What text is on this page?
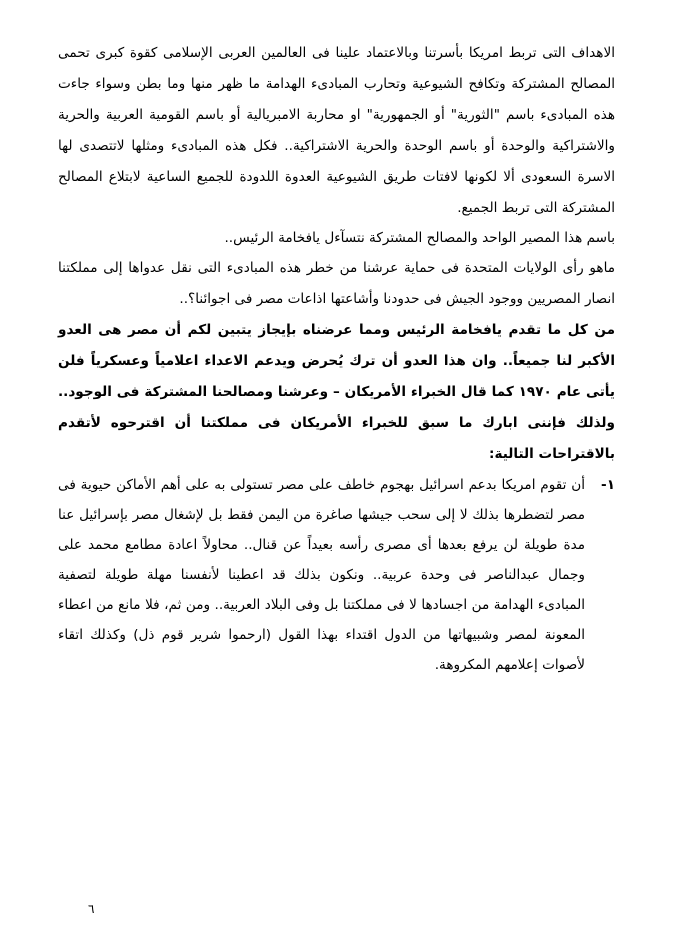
الاهداف التى تربط امريكا بأسرتنا وبالاعتماد علينا فى العالمين العربى الإسلامى كقوة كبرى تحمى المصالح المشتركة وتكافح الشيوعية وتحارب المبادىء الهدامة ما ظهر منها وما بطن وسواء جاءت هذه المبادىء باسم "الثورية" أو الجمهورية" او محاربة الامبريالية أو باسم القومية العربية والحرية والاشتراكية والوحدة أو باسم الوحدة والحرية الاشتراكية.. فكل هذه المبادىء ومثلها لاتتصدى لها الاسرة السعودى ألا لكونها لافتات طريق الشيوعية العدوة اللدودة للجميع الساعية لابتلاع المصالح المشتركة التى تربط الجميع.

باسم هذا المصير الواحد والمصالح المشتركة نتسآءل يافخامة الرئيس..

ماهو رأى الولايات المتحدة فى حماية عرشنا من خطر هذه المبادىء التى نقل عدواها إلى مملكتنا انصار المصريين ووجود الجيش فى حدودنا وأشاعتها اذاعات مصر فى اجوائنا؟..

من كل ما تقدم يافخامة الرئيس ومما عرضناه بإيجاز يتبين لكم أن مصر هى العدو الأكبر لنا جميعاً.. وان هذا العدو أن ترك يُحرض ويدعم الاعداء اعلامياً وعسكرياً فلن يأتى عام ١٩٧٠ كما قال الخبراء الأمريكان – وعرشنا ومصالحنا المشتركة فى الوجود.. ولذلك فإننى ابارك ما سبق للخبراء الأمريكان فى مملكتنا أن اقترحوه لأتقدم بالاقتراحات التالية:

١-
أن تقوم امريكا بدعم اسرائيل بهجوم خاطف على مصر تستولى به على أهم الأماكن حيوية فى مصر لتضطرها بذلك لا إلى سحب جيشها صاغرة من اليمن فقط بل لإشغال مصر بإسرائيل عنا مدة طويلة لن يرفع بعدها أى مصرى رأسه بعيداً عن قنال.. محاولاً اعادة مطامع محمد على وجمال عبدالناصر فى وحدة عربية.. ونكون بذلك قد اعطينا لأنفسنا مهلة طويلة لتصفية المبادىء الهدامة من اجسادها لا فى مملكتنا بل وفى البلاد العربية.. ومن ثم، فلا مانع من اعطاء المعونة لمصر وشبيهاتها من الدول اقتداء بهذا القول (ارحموا شرير قوم ذل) وكذلك اتقاء لأصوات إعلامهم المكروهة.
٦
